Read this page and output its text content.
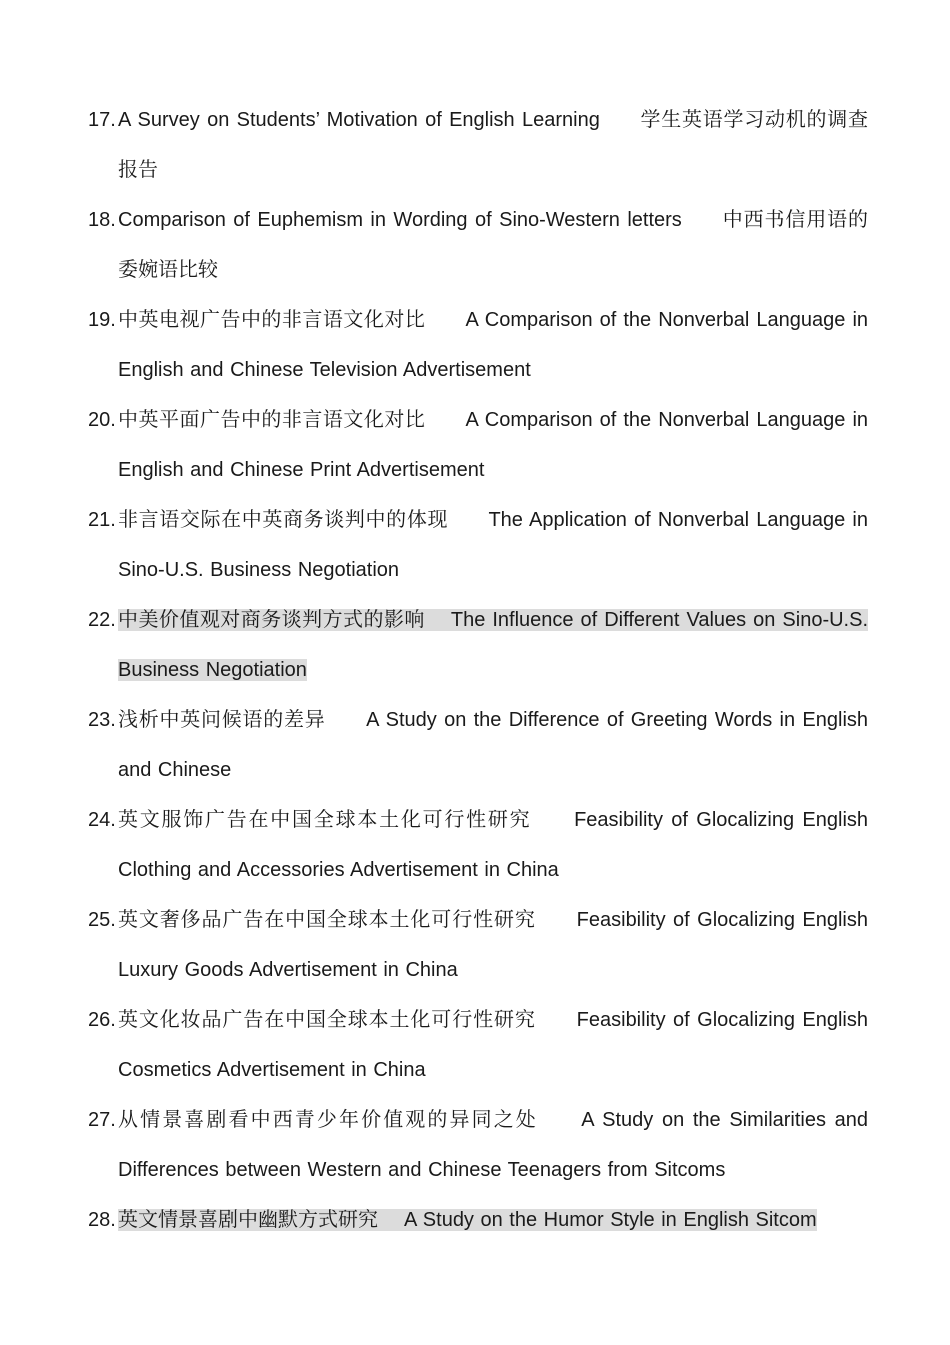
17. A Survey on Students’ Motivation of English Learning 学生英语学习动机的调查报告
18. Comparison of Euphemism in Wording of Sino-Western letters 中西书信用语的委婉语比较
19. 中英电视广告中的非言语文化对比 A Comparison of the Nonverbal Language in English and Chinese Television Advertisement
20. 中英平面广告中的非言语文化对比 A Comparison of the Nonverbal Language in English and Chinese Print Advertisement
21. 非言语交际在中英商务谈判中的体现 The Application of Nonverbal Language in Sino-U.S. Business Negotiation
22. 中美价值观对商务谈判方式的影响 The Influence of Different Values on Sino-U.S. Business Negotiation
23. 浅析中英问候语的差异 A Study on the Difference of Greeting Words in English and Chinese
24. 英文服饰广告在中国全球本土化可行性研究 Feasibility of Glocalizing English Clothing and Accessories Advertisement in China
25. 英文奢侈品广告在中国全球本土化可行性研究 Feasibility of Glocalizing English Luxury Goods Advertisement in China
26. 英文化妆品广告在中国全球本土化可行性研究 Feasibility of Glocalizing English Cosmetics Advertisement in China
27. 从情景喜剧看中西青少年价值观的异同之处 A Study on the Similarities and Differences between Western and Chinese Teenagers from Sitcoms
28. 英文情景喜剧中幽默方式研究 A Study on the Humor Style in English Sitcom
